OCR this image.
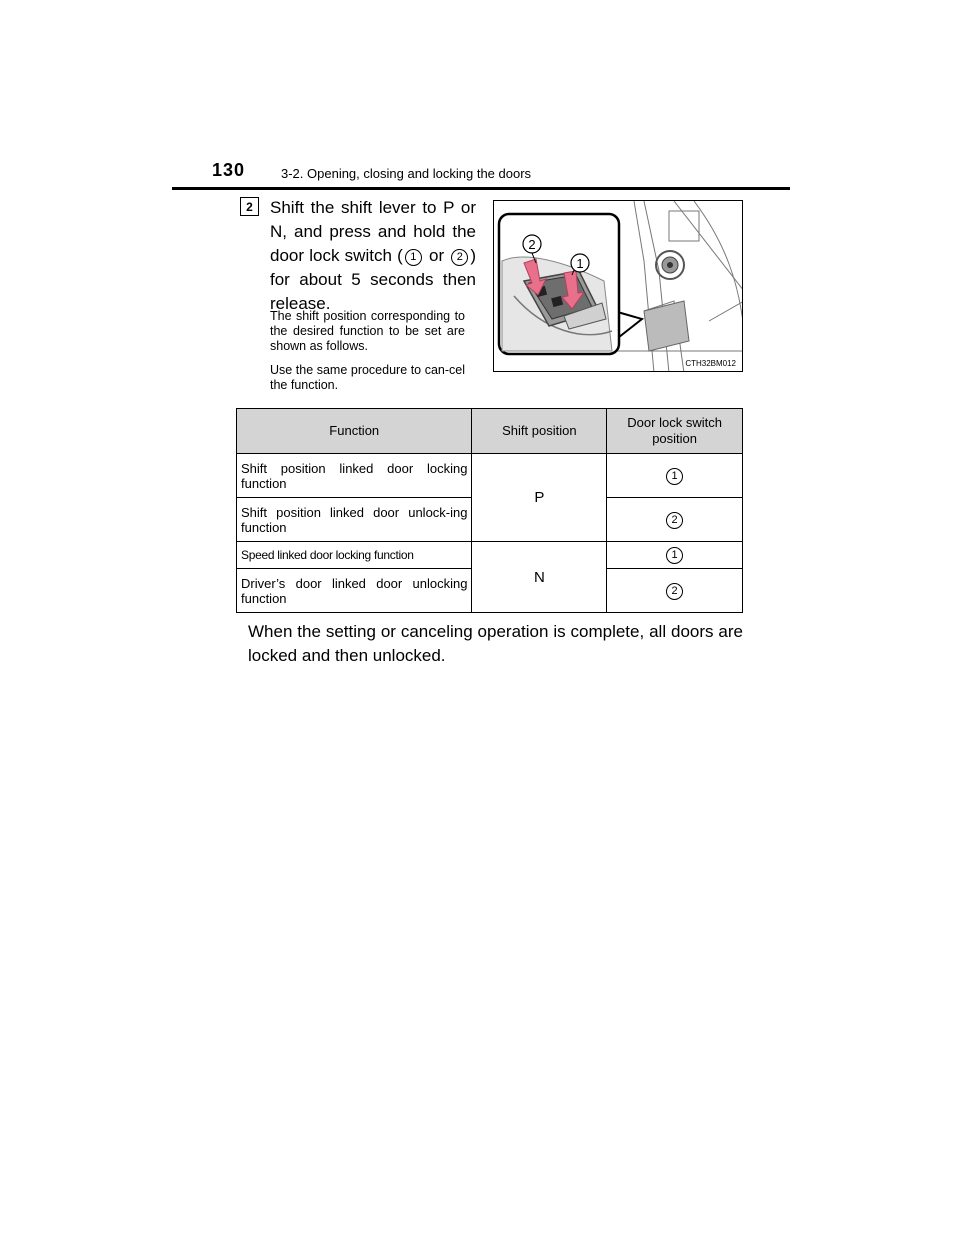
130	3-2. Opening, closing and locking the doors
2	Shift the shift lever to P or N, and press and hold the door lock switch ( 1 or 2 ) for about 5 seconds then release.
The shift position corresponding to the desired function to be set are shown as follows.
Use the same procedure to can-cel the function.
2
1
CTH32BM012
Function	Shift position	Door lock switch position
Shift position linked door locking function	P	1
Shift position linked door unlock-ing function		2
Speed linked door locking function	N	1
Driver’s door linked door unlocking function		2
When the setting or canceling operation is complete, all doors are locked and then unlocked.
